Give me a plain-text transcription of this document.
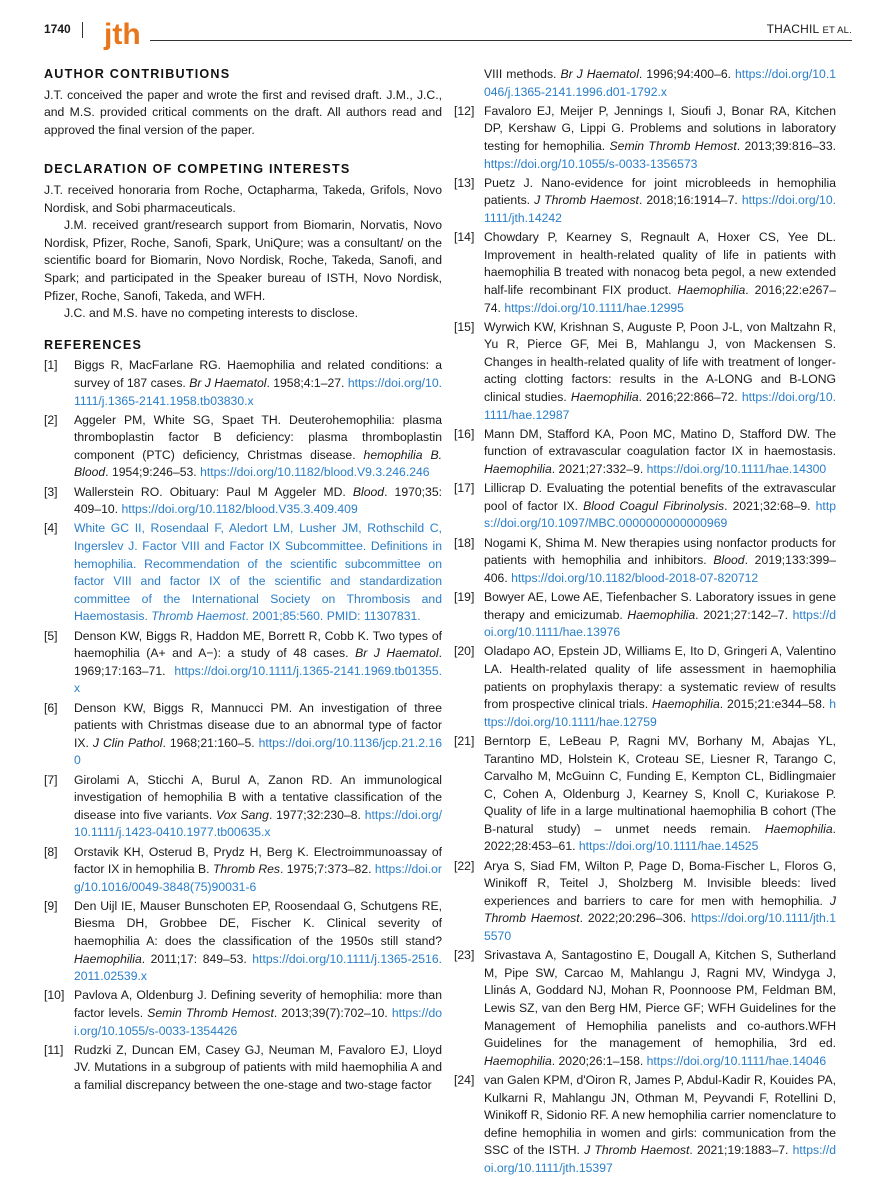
1740 jth	THACHIL ET AL.
AUTHOR CONTRIBUTIONS

J.T. conceived the paper and wrote the first and revised draft. J.M., J.C., and M.S. provided critical comments on the draft. All authors read and approved the final version of the paper.

DECLARATION OF COMPETING INTERESTS

J.T. received honoraria from Roche, Octapharma, Takeda, Grifols, Novo Nordisk, and Sobi pharmaceuticals.

J.M. received grant/research support from Biomarin, Norvatis, Novo Nordisk, Pfizer, Roche, Sanofi, Spark, UniQure; was a consultant/ on the scientific board for Biomarin, Novo Nordisk, Roche, Takeda, Sanofi, and Spark; and participated in the Speaker bureau of ISTH, Novo Nordisk, Pfizer, Roche, Sanofi, Takeda, and WFH.

J.C. and M.S. have no competing interests to disclose.

REFERENCES
[1]	Biggs R, MacFarlane RG. Haemophilia and related conditions: a survey of 187 cases. Br J Haematol. 1958;4:1–27. https://doi.org/10.1111/j.1365-2141.1958.tb03830.x
[2]	Aggeler PM, White SG, Spaet TH. Deuterohemophilia: plasma thromboplastin factor B deficiency: plasma thromboplastin component (PTC) deficiency, Christmas disease. hemophilia B. Blood. 1954;9:246–53. https://doi.org/10.1182/blood.V9.3.246.246
[3]	Wallerstein RO. Obituary: Paul M Aggeler MD. Blood. 1970;35: 409–10. https://doi.org/10.1182/blood.V35.3.409.409
[4]	White GC II, Rosendaal F, Aledort LM, Lusher JM, Rothschild C, Ingerslev J. Factor VIII and Factor IX Subcommittee. Definitions in hemophilia. Recommendation of the scientific subcommittee on factor VIII and factor IX of the scientific and standardization committee of the International Society on Thrombosis and Haemostasis. Thromb Haemost. 2001;85:560. PMID: 11307831.
[5]	Denson KW, Biggs R, Haddon ME, Borrett R, Cobb K. Two types of haemophilia (A+ and A−): a study of 48 cases. Br J Haematol. 1969;17:163–71. https://doi.org/10.1111/j.1365-2141.1969.tb01355.x
[6]	Denson KW, Biggs R, Mannucci PM. An investigation of three patients with Christmas disease due to an abnormal type of factor IX. J Clin Pathol. 1968;21:160–5. https://doi.org/10.1136/jcp.21.2.160
[7]	Girolami A, Sticchi A, Burul A, Zanon RD. An immunological investigation of hemophilia B with a tentative classification of the disease into five variants. Vox Sang. 1977;32:230–8. https://doi.org/10.1111/j.1423-0410.1977.tb00635.x
[8]	Orstavik KH, Osterud B, Prydz H, Berg K. Electroimmunoassay of factor IX in hemophilia B. Thromb Res. 1975;7:373–82. https://doi.org/10.1016/0049-3848(75)90031-6
[9]	Den Uijl IE, Mauser Bunschoten EP, Roosendaal G, Schutgens RE, Biesma DH, Grobbee DE, Fischer K. Clinical severity of haemophilia A: does the classification of the 1950s still stand? Haemophilia. 2011;17: 849–53. https://doi.org/10.1111/j.1365-2516.2011.02539.x
[10] Pavlova A, Oldenburg J. Defining severity of hemophilia: more than factor levels. Semin Thromb Hemost. 2013;39(7):702–10. https://doi.org/10.1055/s-0033-1354426
[11] Rudzki Z, Duncan EM, Casey GJ, Neuman M, Favaloro EJ, Lloyd JV. Mutations in a subgroup of patients with mild haemophilia A and a familial discrepancy between the one-stage and two-stage factor
VIII methods. Br J Haematol. 1996;94:400–6. https://doi.org/10.1046/j.1365-2141.1996.d01-1792.x
[12] Favaloro EJ, Meijer P, Jennings I, Sioufi J, Bonar RA, Kitchen DP, Kershaw G, Lippi G. Problems and solutions in laboratory testing for hemophilia. Semin Thromb Hemost. 2013;39:816–33. https://doi.org/10.1055/s-0033-1356573
[13] Puetz J. Nano-evidence for joint microbleeds in hemophilia patients. J Thromb Haemost. 2018;16:1914–7. https://doi.org/10.1111/jth.14242
[14] Chowdary P, Kearney S, Regnault A, Hoxer CS, Yee DL. Improvement in health-related quality of life in patients with haemophilia B treated with nonacog beta pegol, a new extended half-life recombinant FIX product. Haemophilia. 2016;22:e267–74. https://doi.org/10.1111/hae.12995
[15] Wyrwich KW, Krishnan S, Auguste P, Poon J-L, von Maltzahn R, Yu R, Pierce GF, Mei B, Mahlangu J, von Mackensen S. Changes in health-related quality of life with treatment of longer-acting clotting factors: results in the A-LONG and B-LONG clinical studies. Haemophilia. 2016;22:866–72. https://doi.org/10.1111/hae.12987
[16] Mann DM, Stafford KA, Poon MC, Matino D, Stafford DW. The function of extravascular coagulation factor IX in haemostasis. Haemophilia. 2021;27:332–9. https://doi.org/10.1111/hae.14300
[17] Lillicrap D. Evaluating the potential benefits of the extravascular pool of factor IX. Blood Coagul Fibrinolysis. 2021;32:68–9. https://doi.org/10.1097/MBC.0000000000000969
[18] Nogami K, Shima M. New therapies using nonfactor products for patients with hemophilia and inhibitors. Blood. 2019;133:399–406. https://doi.org/10.1182/blood-2018-07-820712
[19] Bowyer AE, Lowe AE, Tiefenbacher S. Laboratory issues in gene therapy and emicizumab. Haemophilia. 2021;27:142–7. https://doi.org/10.1111/hae.13976
[20] Oladapo AO, Epstein JD, Williams E, Ito D, Gringeri A, Valentino LA. Health-related quality of life assessment in haemophilia patients on prophylaxis therapy: a systematic review of results from prospective clinical trials. Haemophilia. 2015;21:e344–58. https://doi.org/10.1111/hae.12759
[21] Berntorp E, LeBeau P, Ragni MV, Borhany M, Abajas YL, Tarantino MD, Holstein K, Croteau SE, Liesner R, Tarango C, Carvalho M, McGuinn C, Funding E, Kempton CL, Bidlingmaier C, Cohen A, Oldenburg J, Kearney S, Knoll C, Kuriakose P. Quality of life in a large multinational haemophilia B cohort (The B-natural study) – unmet needs remain. Haemophilia. 2022;28:453–61. https://doi.org/10.1111/hae.14525
[22] Arya S, Siad FM, Wilton P, Page D, Boma-Fischer L, Floros G, Winikoff R, Teitel J, Sholzberg M. Invisible bleeds: lived experiences and barriers to care for men with hemophilia. J Thromb Haemost. 2022;20:296–306. https://doi.org/10.1111/jth.15570
[23] Srivastava A, Santagostino E, Dougall A, Kitchen S, Sutherland M, Pipe SW, Carcao M, Mahlangu J, Ragni MV, Windyga J, Llinás A, Goddard NJ, Mohan R, Poonnoose PM, Feldman BM, Lewis SZ, van den Berg HM, Pierce GF; WFH Guidelines for the Management of Hemophilia panelists and co-authors.WFH Guidelines for the management of hemophilia, 3rd ed. Haemophilia. 2020;26:1–158. https://doi.org/10.1111/hae.14046
[24] van Galen KPM, d'Oiron R, James P, Abdul-Kadir R, Kouides PA, Kulkarni R, Mahlangu JN, Othman M, Peyvandi F, Rotellini D, Winikoff R, Sidonio RF. A new hemophilia carrier nomenclature to define hemophilia in women and girls: communication from the SSC of the ISTH. J Thromb Haemost. 2021;19:1883–7. https://doi.org/10.1111/jth.15397
